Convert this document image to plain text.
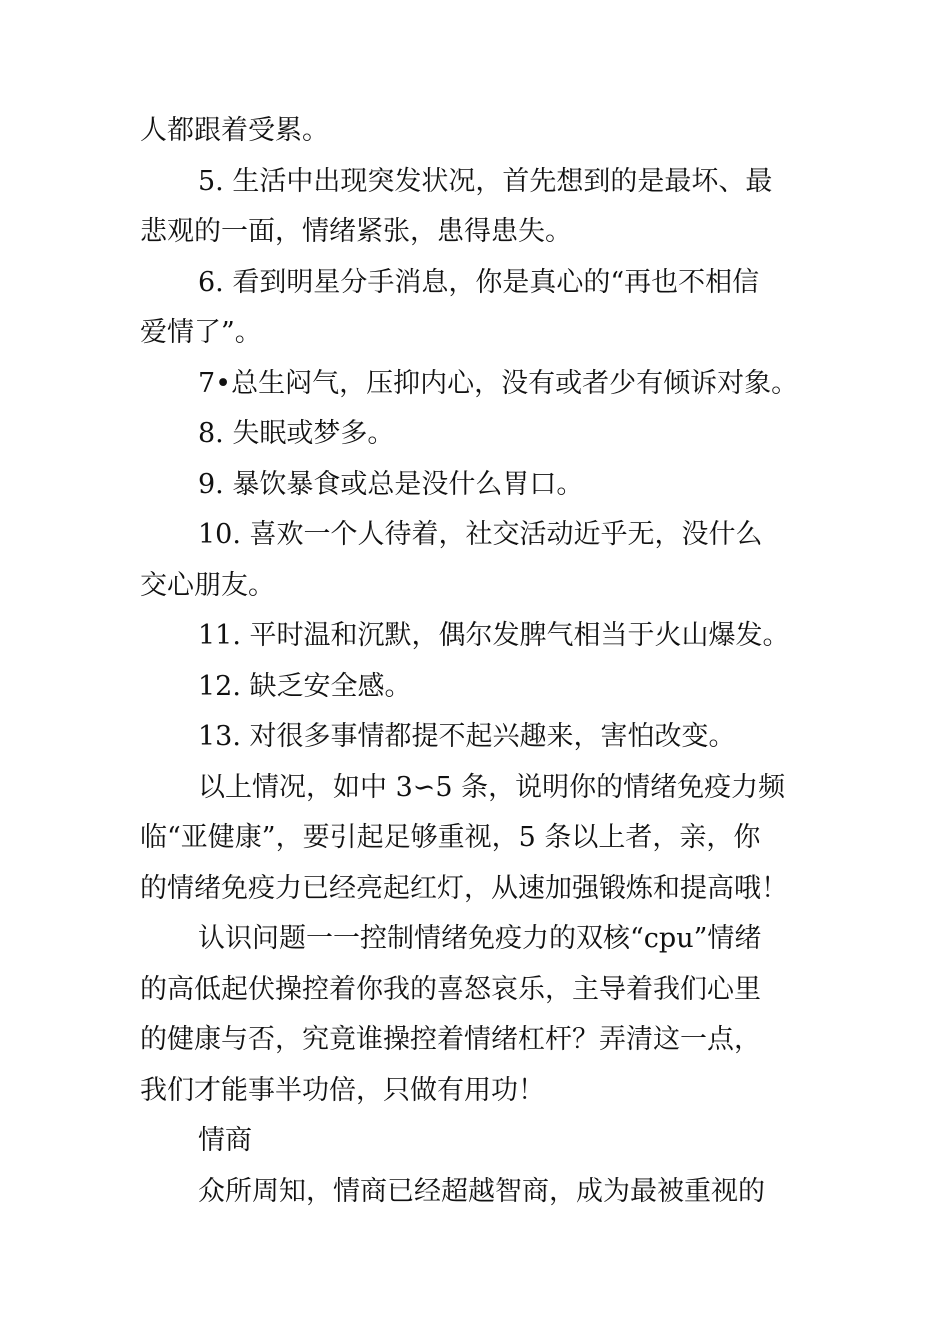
人都跟着受累。
5. 生活中出现突发状况，首先想到的是最坏、最
悲观的一面，情绪紧张，患得患失。
6. 看到明星分手消息，你是真心的“再也不相信
爱情了”。
7•总生闷气，压抑内心，没有或者少有倾诉对象。
8. 失眠或梦多。
9. 暴饮暴食或总是没什么胃口。
10. 喜欢一个人待着，社交活动近乎无，没什么
交心朋友。
11. 平时温和沉默，偶尔发脾气相当于火山爆发。
12. 缺乏安全感。
13. 对很多事情都提不起兴趣来，害怕改变。
以上情况，如中 3∽5 条，说明你的情绪免疫力频
临“亚健康”，要引起足够重视，5 条以上者，亲，你
的情绪免疫力已经亮起红灯，从速加强锻炼和提高哦！
认识问题一一控制情绪免疫力的双核“cpu”情绪
的高低起伏操控着你我的喜怒哀乐，主导着我们心里
的健康与否，究竟谁操控着情绪杠杆？弄清这一点，
我们才能事半功倍，只做有用功！
情商
众所周知，情商已经超越智商，成为最被重视的
